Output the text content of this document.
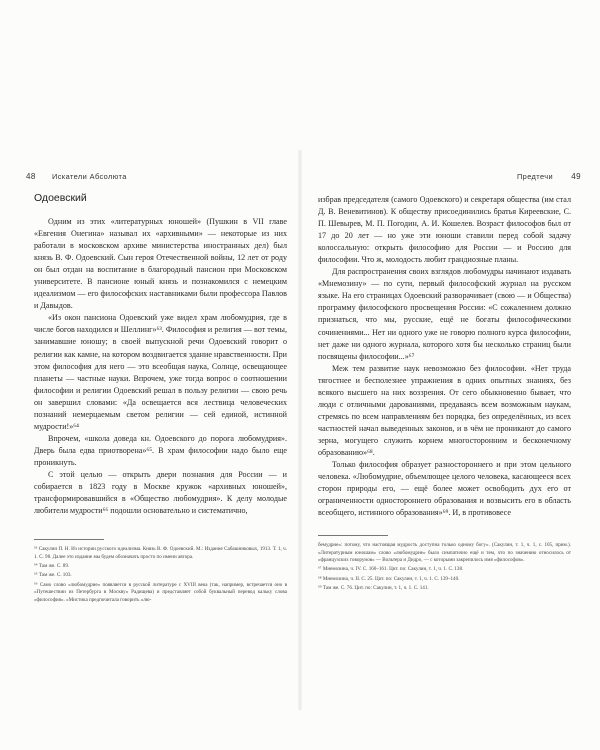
48 Искатели Абсолюта
Одоевский

Одним из этих «литературных юношей» (Пушкин в VII главе «Евгения Онегина» называл их «архивными» — некоторые из них работали в московском архиве министерства иностранных дел) был князь В. Ф. Одоевский. Сын героя Отечественной войны, 12 лет от роду он был отдан на воспитание в благородный пансион при Московском университете. В пансионе юный князь и познакомился с немецким идеализмом — его философских наставниками были профессора Павлов и Давыдов.

«Из окон пансиона Одоевский уже видел храм любомудрия, где в числе богов находился и Шеллинг»⁶³. Философия и религия — вот темы, занимавшие юношу; в своей выпускной речи Одоевский говорит о религии как камне, на котором воздвигается здание нравственности. При этом философия для него — это всеобщая наука, Солнце, освещающее планеты — частные науки. Впрочем, уже тогда вопрос о соотношении философии и религии Одоевский решал в пользу религии — свою речь он завершил словами: «Да освещается вся лествица человеческих познаний немерцаемым светом религии — сей единой, истинной мудрости!»⁶⁴

Впрочем, «школа доведа кн. Одоевского до порога любомудрия». Дверь была едва приотворена»⁶⁵. В храм философии надо было еще проникнуть.

С этой целью — открыть двери познания для России — и собирается в 1823 году в Москве кружок «архивных юношей», трансформировавшийся в «Общество любомудрия». К делу молодые любители мудрости⁶⁶ подошли основательно и систематично,

⁶³ Сакулин П. Н. Из истории русского идеализма. Князь В. Ф. Одоевский. М.: Издание Сабашниковых, 1913. Т. 1, ч. 1. С. 98. Далее это издание мы будем обозначать просто по имени автора.

⁶⁴ Там же. С. 89.

⁶⁵ Там же. С. 103.

⁶⁶ Само слово «любомудрие» появляется в русской литературе с XVIII века (так, например, встречается оно в «Путешествии из Петербурга в Москву» Радищева) и представляет собой буквальный перевод кальку слова «философия». «Мистика предпочитала говорить «лю-

Предтечи 49

избрав председателя (самого Одоевского) и секретаря общества (им стал Д. В. Веневитинов). К обществу присоединились братья Киреевские, С. П. Шевырев, М. П. Погодин, А. И. Кошелев. Возраст философов был от 17 до 20 лет — но уже эти юноши ставили перед собой задачу колоссальную: открыть философию для России — и Россию для философии. Что ж, молодость любит грандиозные планы.

Для распространения своих взглядов любомудры начинают издавать «Мнемозину» — по сути, первый философский журнал на русском языке. На его страницах Одоевский разворачивает (свою — и Общества) программу философского просвещения России: «С сожалением должно признаться, что мы, русские, ещё не богаты философическими сочинениями... Нет ни одного уже не говорю полного курса философии, нет даже ни одного журнала, которого хотя бы несколько страниц были посвящены философии...»⁶⁷

Меж тем развитие наук невозможно без философии. «Нет труда тягостнее и бесполезнее упражнения в одних опытных знаниях, без всякого высшего на них воззрения. От сего обыкновенно бывает, что люди с отличными дарованиями, предаваясь всем возможным наукам, стремясь по всем направлениям без порядка, без определённых, из всех частностей начал выведенных законов, и в чём не проникают до самого зерна, могущего служить корнем многосторонним и бесконечному образованию»⁶⁸.

Только философия образует разностороннего и при этом цельного человека. «Любомудрие, объемлющее целого человека, касающееся всех сторон природы его, — ещё более может освободить дух его от ограниченности одностороннего образования и возвысить его в область всеобщего, истинного образования»⁶⁹. И, в противовесе

бемудрие»: потому, что настоящая мудрость доступна только одному богу». (Сакулин, т. 1, ч. 1, с. 105, прим.). «Литературным юношам» слово «любомудрие» было симпатично ещё и тем, что по значению относилось от «французских говорунов» — Вольтера и Дидро, — с которыми закрепилось имя «философов».

⁶⁷ Мнемозина, ч. IV. С. 160–161. Цит. по: Сакулин, т. 1, ч. 1. С. 138.

⁶⁸ Мнемозина, ч. II. С. 25. Цит. по: Сакулин, т. 1, ч. 1. С. 139–140.

⁶⁹ Там же. С. 76. Цит. по: Сакулин, т. 1, ч. 1. С. 141.
